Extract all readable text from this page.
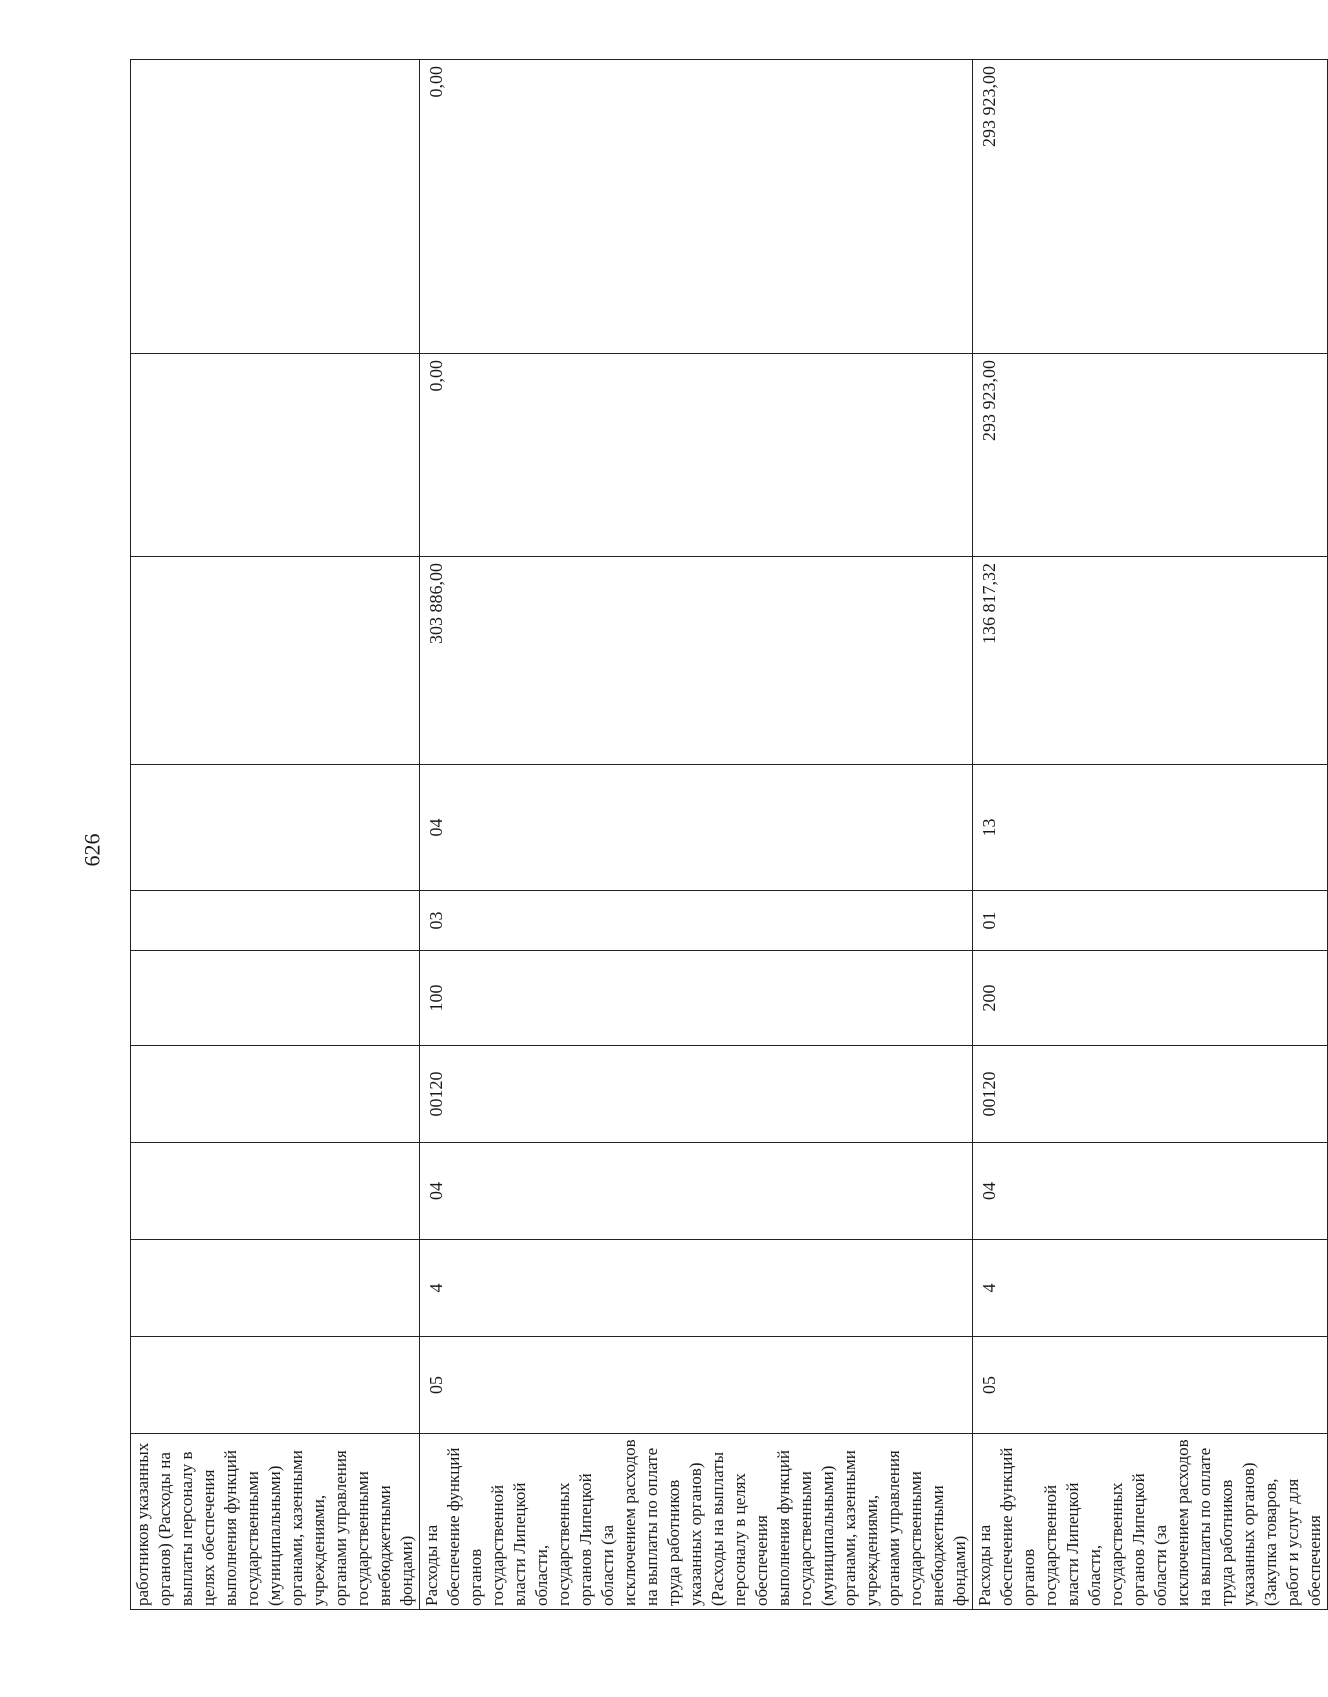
626
работников указанных органов) (Расходы на выплаты персоналу в целях обеспечения выполнения функций государственными (муниципальными) органами, казенными учреждениями, органами управления государственными внебюджетными фондами)										
Расходы на обеспечение функций органов государственной власти Липецкой области, государственных органов Липецкой области (за исключением расходов на выплаты по оплате труда работников указанных органов) (Расходы на выплаты персоналу в целях обеспечения выполнения функций государственными (муниципальными) органами, казенными учреждениями, органами управления государственными внебюджетными фондами)	05	4	04	00120	100	03	04	303 886,00	0,00	0,00
Расходы на обеспечение функций органов государственной власти Липецкой области, государственных органов Липецкой области (за исключением расходов на выплаты по оплате труда работников указанных органов) (Закупка товаров, работ и услуг для обеспечения	05	4	04	00120	200	01	13	136 817,32	293 923,00	293 923,00
